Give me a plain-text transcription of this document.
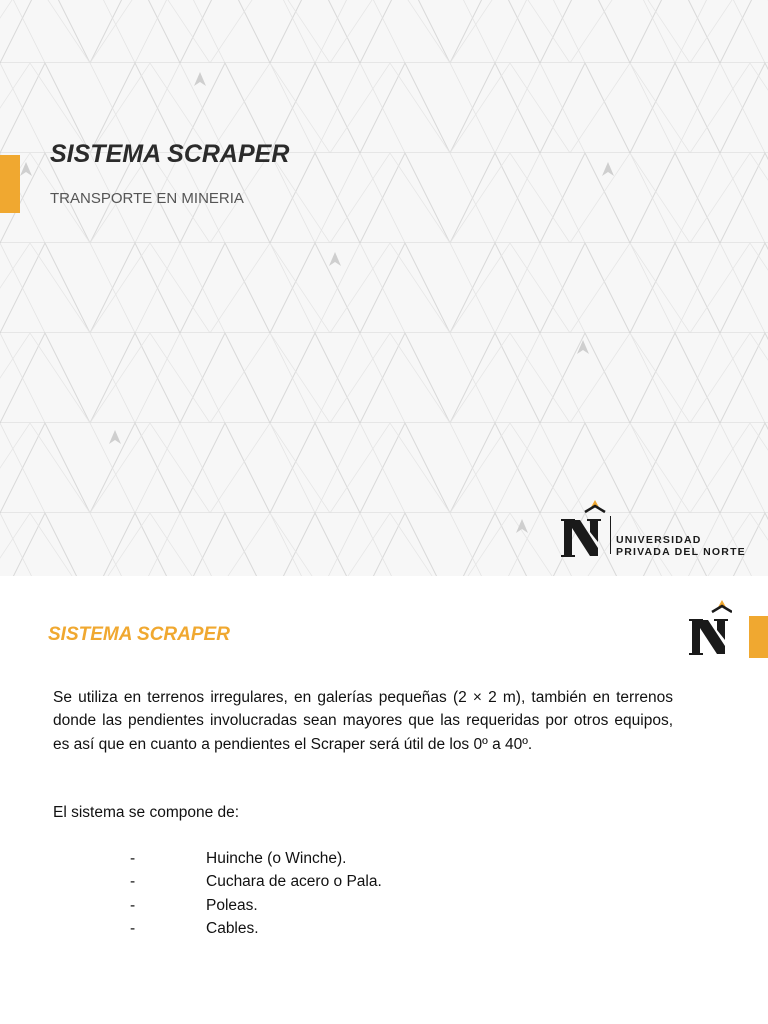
SISTEMA SCRAPER

TRANSPORTE EN MINERIA

UNIVERSIDAD
PRIVADA DEL NORTE
SISTEMA SCRAPER

Se utiliza en terrenos irregulares, en galerías pequeñas (2 × 2 m), también en terrenos donde las pendientes involucradas sean mayores que las requeridas por otros equipos, es así que en cuanto a pendientes el Scraper será útil de los 0º a 40º.

El sistema se compone de:

-	Huinche (o Winche).
-	Cuchara de acero o Pala.
-	Poleas.
-	Cables.
